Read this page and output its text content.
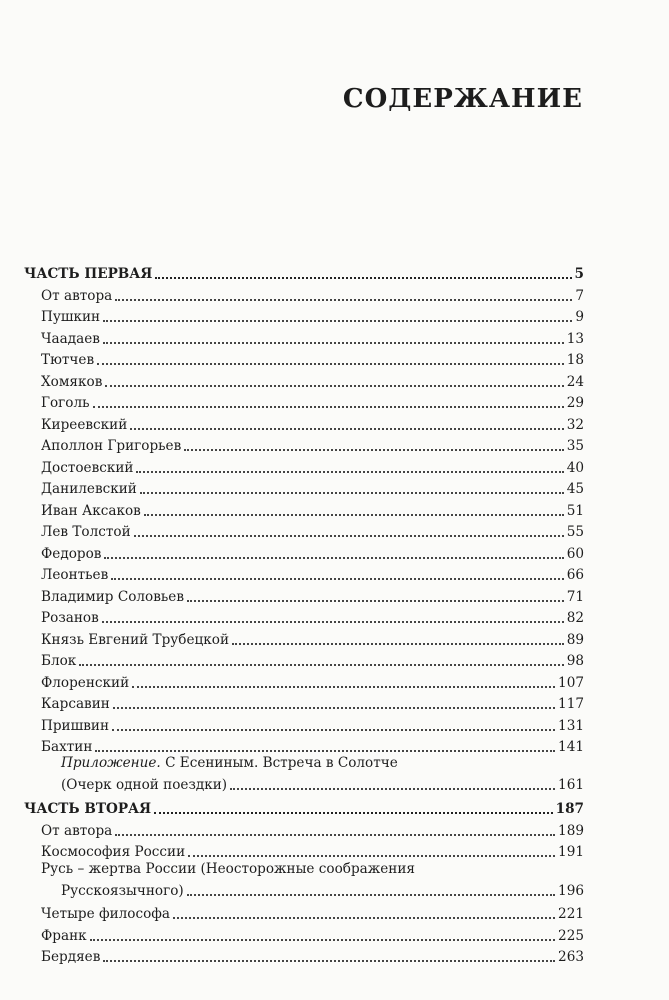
СОДЕРЖАНИЕ
ЧАСТЬ ПЕРВАЯ	5
От автора	7
Пушкин	9
Чаадаев	13
Тютчев	18
Хомяков	24
Гоголь	29
Киреевский	32
Аполлон Григорьев	35
Достоевский	40
Данилевский	45
Иван Аксаков	51
Лев Толстой	55
Федоров	60
Леонтьев	66
Владимир Соловьев	71
Розанов	82
Князь Евгений Трубецкой	89
Блок	98
Флоренский	107
Карсавин	117
Пришвин	131
Бахтин	141
Приложение. С Есениным. Встреча в Солотче
(Очерк одной поездки)	161
ЧАСТЬ ВТОРАЯ	187
От автора	189
Космософия России	191
Русь – жертва России (Неосторожные соображения
Русскоязычного)	196
Четыре философа	221
Франк	225
Бердяев	263
